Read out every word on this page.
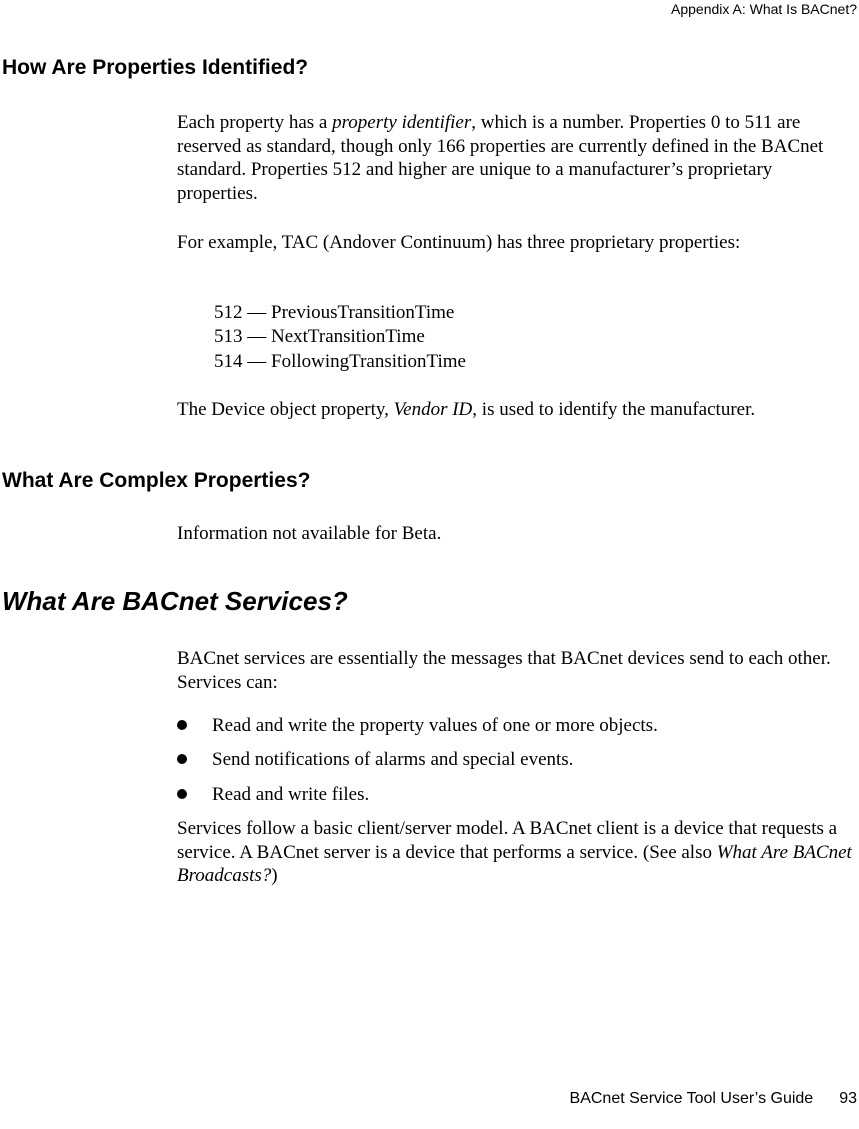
Appendix A: What Is BACnet?
How Are Properties Identified?

Each property has a property identifier, which is a number. Properties 0 to 511 are reserved as standard, though only 166 properties are currently defined in the BACnet standard. Properties 512 and higher are unique to a manufacturer’s proprietary properties.

For example, TAC (Andover Continuum) has three proprietary properties:

512 — PreviousTransitionTime
513 — NextTransitionTime
514 — FollowingTransitionTime

The Device object property, Vendor ID, is used to identify the manufacturer.

What Are Complex Properties?

Information not available for Beta.

What Are BACnet Services?

BACnet services are essentially the messages that BACnet devices send to each other. Services can:

Read and write the property values of one or more objects.
Send notifications of alarms and special events.
Read and write files.

Services follow a basic client/server model. A BACnet client is a device that requests a service. A BACnet server is a device that performs a service. (See also What Are BACnet Broadcasts?)

BACnet Service Tool User’s Guide 93
